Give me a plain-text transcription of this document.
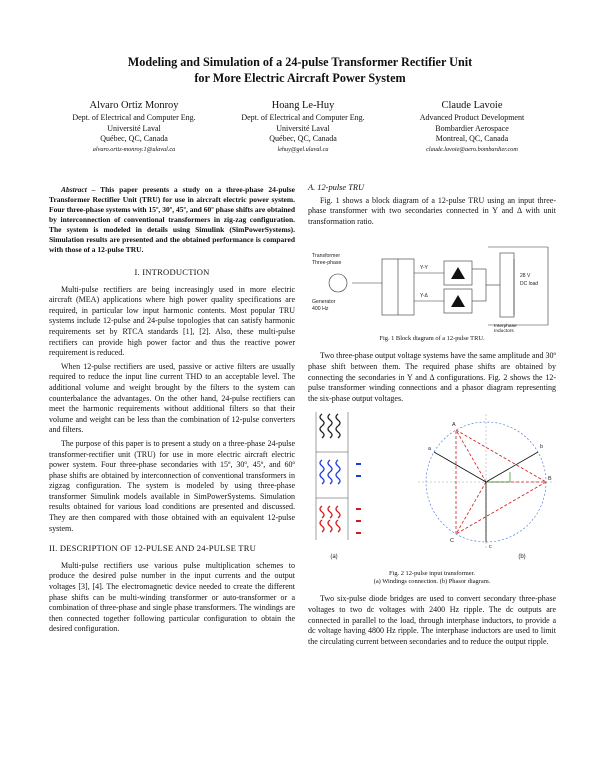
Modeling and Simulation of a 24-pulse Transformer Rectifier Unit
for More Electric Aircraft Power System
Alvaro Ortiz Monroy
Dept. of Electrical and Computer Eng.
Université Laval
Québec, QC, Canada
alvaro.ortiz-monroy.1@ulaval.ca
Hoang Le-Huy
Dept. of Electrical and Computer Eng.
Université Laval
Québec, QC, Canada
lehuy@gel.ulaval.ca
Claude Lavoie
Advanced Product Development
Bombardier Aerospace
Montreal, QC, Canada
claude.lavoie@aero.bombardier.com

Abstract – This paper presents a study on a three-phase 24-pulse Transformer Rectifier Unit (TRU) for use in aircraft electric power system. Four three-phase systems with 15º, 30º, 45º, and 60º phase shifts are obtained by interconnection of conventional transformers in zig-zag configuration. The system is modeled in details using Simulink (SimPowerSystems). Simulation results are presented and the obtained performance is compared with those of a 12-pulse TRU.

I. INTRODUCTION

Multi-pulse rectifiers are being increasingly used in more electric aircraft (MEA) applications where high power quality specifications are required, in particular low input harmonic contents. Most popular TRU systems include 12-pulse and 24-pulse topologies that can satisfy harmonic requirements set by RTCA standards [1], [2]. Also, these multi-pulse rectifiers can provide high power factor and thus the reactive power requirement is reduced.

When 12-pulse rectifiers are used, passive or active filters are usually required to reduce the input line current THD to an acceptable level. The additional volume and weight brought by the filters to the system can counterbalance the advantages. On the other hand, 24-pulse rectifiers can meet the harmonic requirements without additional filters so that their volume and weight can be less than the combination of 12-pulse converters and filters.

The purpose of this paper is to present a study on a three-phase 24-pulse transformer-rectifier unit (TRU) for use in more electric aircraft electric power system. Four three-phase secondaries with 15º, 30º, 45º, and 60º phase shifts are obtained by interconnection of conventional transformers in zigzag configuration. The system is modeled by using three-phase transformer Simulink models available in SimPowerSystems. Simulation results obtained for various load conditions are presented and discussed. They are then compared with those obtained with an equivalent 12-pulse system.

II. DESCRIPTION OF 12-PULSE AND 24-PULSE TRU

Multi-pulse rectifiers use various pulse multiplication schemes to produce the desired pulse number in the input currents and the output voltages [3], [4]. The electromagnetic device needed to create the different phase shifts can be multi-winding transformer or auto-transformer or a combination of three-phase and single phase transformers. The windings are then connected together following particular configuration to obtain the desired configuration.

A. 12-pulse TRU

Fig. 1 shows a block diagram of a 12-pulse TRU using an input three-phase transformer with two secondaries connected in Y and Δ with unit transformation ratio.

Transformer
Three-phase
Y-Y
Y-Δ
Generator
400 Hz
Interphase
Inductors
28 V
DC load
Fig. 1 Block diagram of a 12-pulse TRU.

Two three-phase output voltage systems have the same amplitude and 30º phase shift between them. The required phase shifts are obtained by connecting the secondaries in Y and Δ configurations. Fig. 2 shows the 12-pulse transformer winding connections and a phasor diagram representing the six-phase output voltages.

(a)
A
B
C
a	b
c
(b)
Fig. 2 12-pulse input transformer.
(a) Windings connection. (b) Phasor diagram.

Two six-pulse diode bridges are used to convert secondary three-phase voltages to two dc voltages with 2400 Hz ripple. The dc outputs are connected in parallel to the load, through interphase inductors, to provide a dc voltage having 4800 Hz ripple. The interphase inductors are used to limit the circulating current between secondaries and to reduce the output ripple.
